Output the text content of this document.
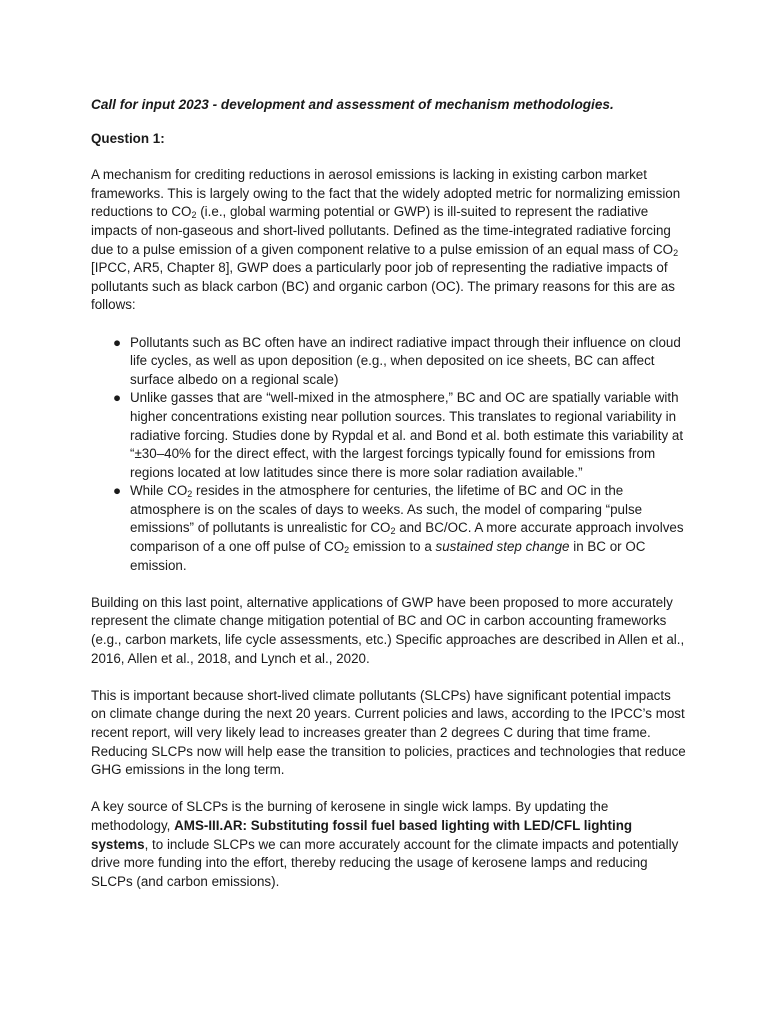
Call for input 2023 - development and assessment of mechanism methodologies.
Question 1:

A mechanism for crediting reductions in aerosol emissions is lacking in existing carbon market frameworks. This is largely owing to the fact that the widely adopted metric for normalizing emission reductions to $CO_2$ (i.e., global warming potential or GWP) is ill-suited to represent the radiative impacts of non-gaseous and short-lived pollutants. Defined as the time-integrated radiative forcing due to a pulse emission of a given component relative to a pulse emission of an equal mass of $CO_2$ [IPCC, AR5, Chapter 8], GWP does a particularly poor job of representing the radiative impacts of pollutants such as black carbon (BC) and organic carbon (OC). The primary reasons for this are as follows:

● Pollutants such as BC often have an indirect radiative impact through their influence on cloud life cycles, as well as upon deposition (e.g., when deposited on ice sheets, BC can affect surface albedo on a regional scale)
● Unlike gasses that are “well-mixed in the atmosphere,” BC and OC are spatially variable with higher concentrations existing near pollution sources. This translates to regional variability in radiative forcing. Studies done by Rypdal et al. and Bond et al. both estimate this variability at “±30–40% for the direct effect, with the largest forcings typically found for emissions from regions located at low latitudes since there is more solar radiation available.”
● While $CO_2$ resides in the atmosphere for centuries, the lifetime of BC and OC in the atmosphere is on the scales of days to weeks. As such, the model of comparing “pulse emissions” of pollutants is unrealistic for $CO_2$ and BC/OC. A more accurate approach involves comparison of a one off pulse of $CO_2$ emission to a sustained step change in BC or OC emission.

Building on this last point, alternative applications of GWP have been proposed to more accurately represent the climate change mitigation potential of BC and OC in carbon accounting frameworks (e.g., carbon markets, life cycle assessments, etc.) Specific approaches are described in Allen et al., 2016, Allen et al., 2018, and Lynch et al., 2020.

This is important because short-lived climate pollutants (SLCPs) have significant potential impacts on climate change during the next 20 years. Current policies and laws, according to the IPCC’s most recent report, will very likely lead to increases greater than 2 degrees C during that time frame. Reducing SLCPs now will help ease the transition to policies, practices and technologies that reduce GHG emissions in the long term.

A key source of SLCPs is the burning of kerosene in single wick lamps. By updating the methodology, AMS-III.AR: Substituting fossil fuel based lighting with LED/CFL lighting systems, to include SLCPs we can more accurately account for the climate impacts and potentially drive more funding into the effort, thereby reducing the usage of kerosene lamps and reducing SLCPs (and carbon emissions).
